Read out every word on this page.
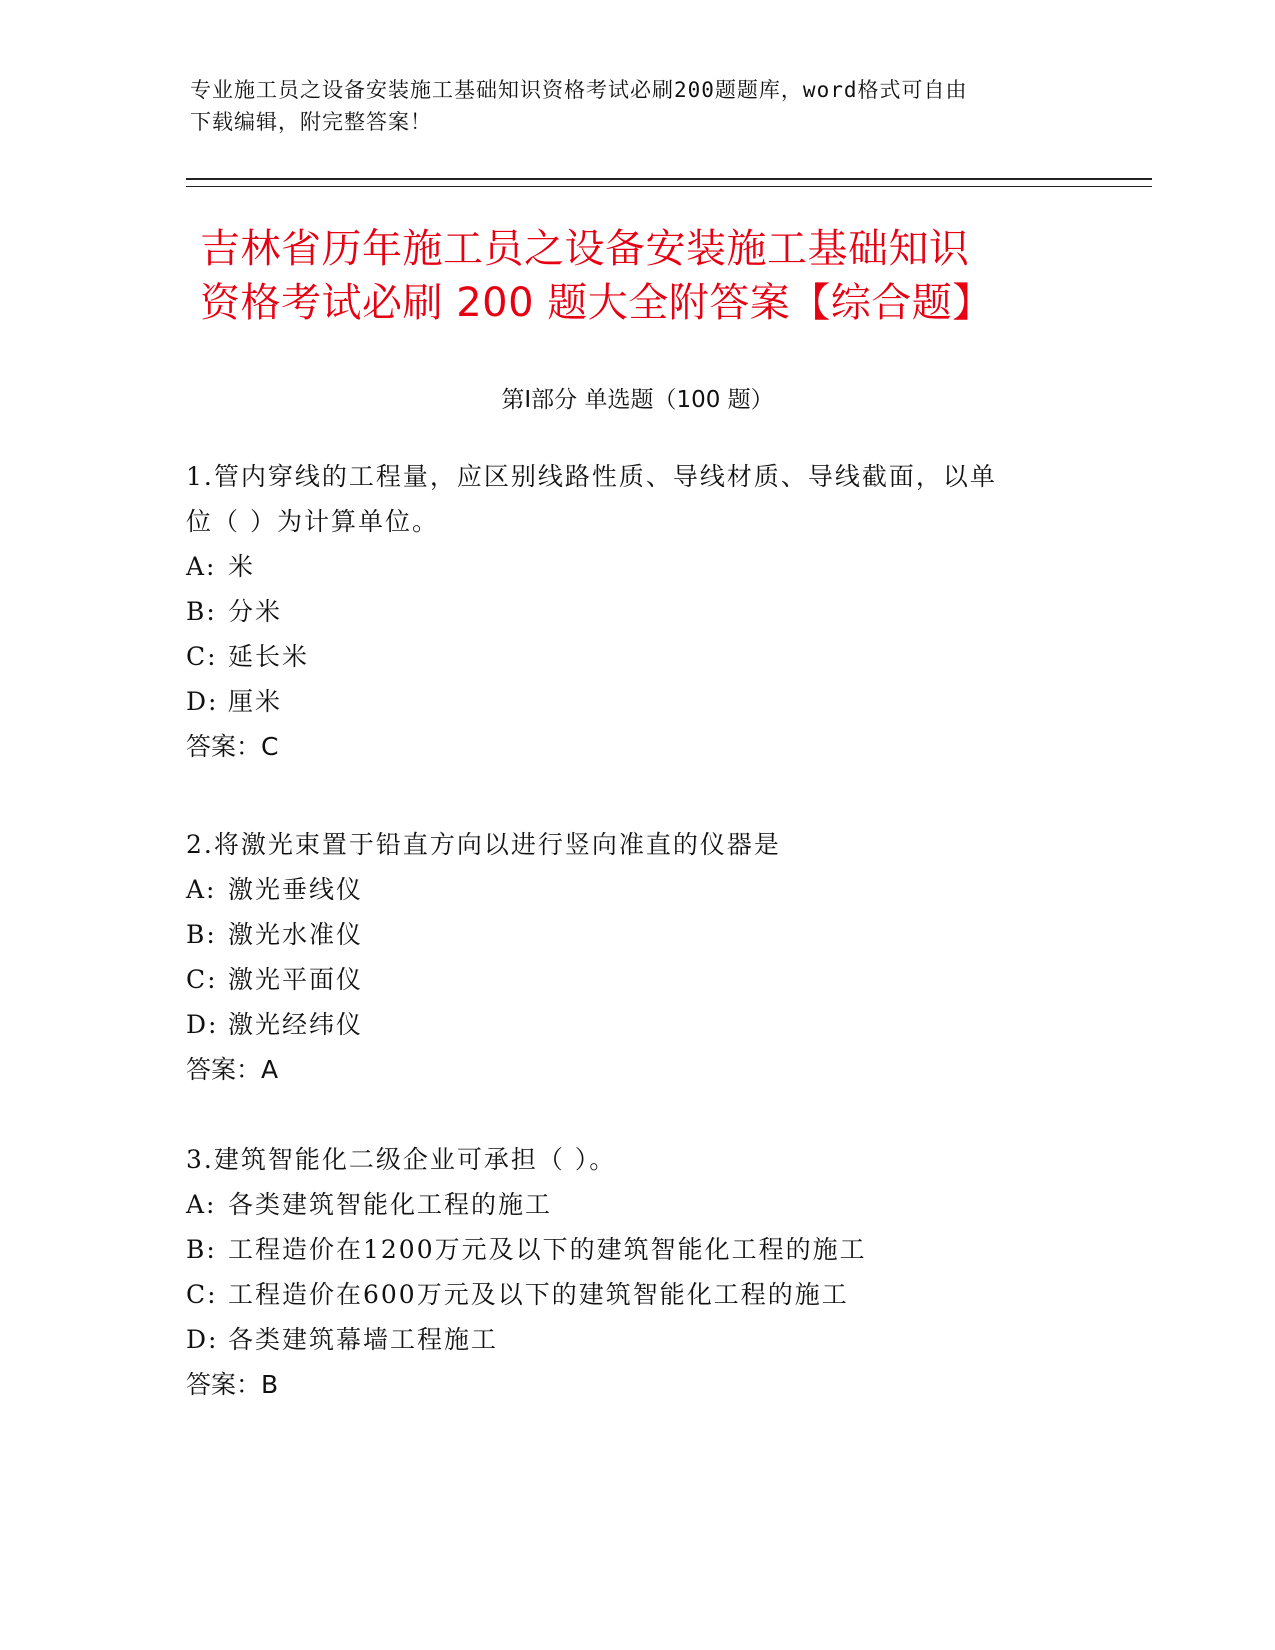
专业施工员之设备安装施工基础知识资格考试必刷200题题库，word格式可自由
下载编辑，附完整答案！
吉林省历年施工员之设备安装施工基础知识
资格考试必刷 200 题大全附答案【综合题】
第Ⅰ部分 单选题（100 题）
1.管内穿线的工程量，应区别线路性质、导线材质、导线截面，以单
位（ ）为计算单位。
A: 米
B: 分米
C: 延长米
D: 厘米
答案：C
2.将激光束置于铅直方向以进行竖向准直的仪器是
A: 激光垂线仪
B: 激光水准仪
C: 激光平面仪
D: 激光经纬仪
答案：A
3.建筑智能化二级企业可承担（ ）。
A: 各类建筑智能化工程的施工
B: 工程造价在1200万元及以下的建筑智能化工程的施工
C: 工程造价在600万元及以下的建筑智能化工程的施工
D: 各类建筑幕墙工程施工
答案：B
